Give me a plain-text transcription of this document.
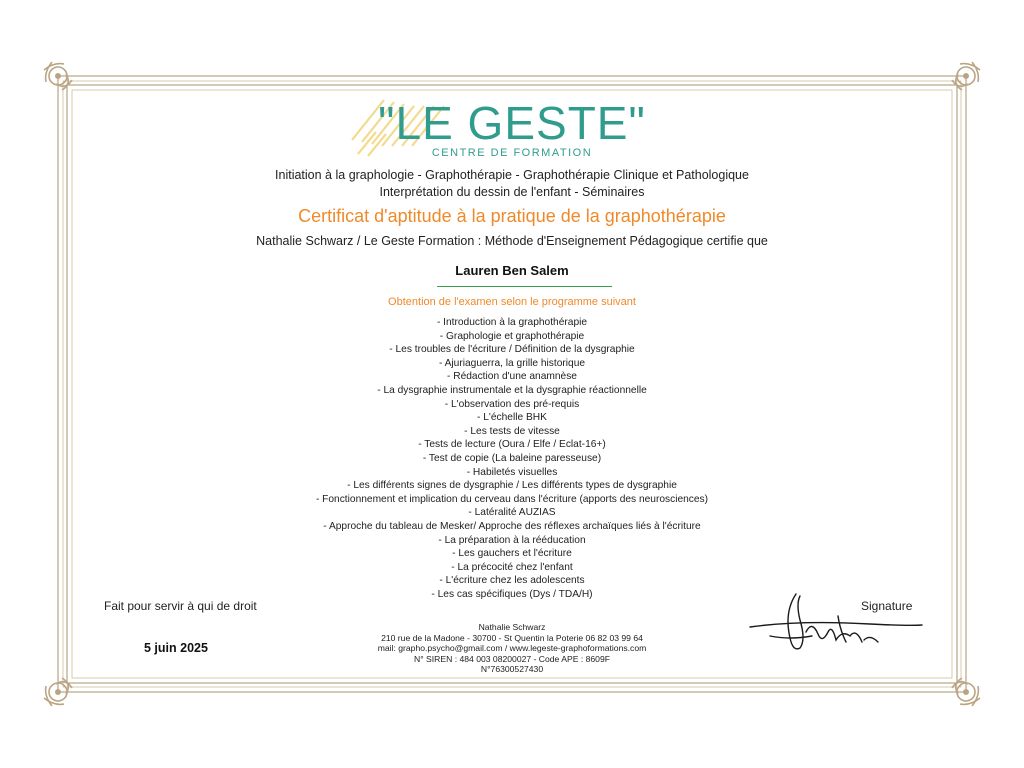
"LE GESTE"
CENTRE DE FORMATION
Initiation à la graphologie - Graphothérapie - Graphothérapie Clinique et Pathologique
Interprétation du dessin de l'enfant - Séminaires
Certificat d'aptitude à la pratique de la graphothérapie
Nathalie Schwarz / Le Geste Formation : Méthode d'Enseignement Pédagogique certifie que
Lauren Ben Salem
Obtention de l'examen selon le programme suivant
- Introduction à la graphothérapie
- Graphologie et graphothérapie
- Les troubles de l'écriture / Définition de la dysgraphie
- Ajuriaguerra, la grille historique
- Rédaction d'une anamnèse
- La dysgraphie instrumentale et la dysgraphie réactionnelle
- L'observation des pré-requis
- L'échelle BHK
- Les tests de vitesse
- Tests de lecture (Oura / Elfe / Eclat-16+)
- Test de copie (La baleine paresseuse)
- Habiletés visuelles
- Les différents signes de dysgraphie / Les différents types de dysgraphie
- Fonctionnement et implication du cerveau dans l'écriture (apports des neurosciences)
- Latéralité AUZIAS
- Approche du tableau de Mesker/ Approche des réflexes archaïques liés à l'écriture
- La préparation à la rééducation
- Les gauchers et l'écriture
- La précocité chez l'enfant
- L'écriture chez les adolescents
- Les cas spécifiques (Dys / TDA/H)
Fait pour servir à qui de droit	Signature
5 juin 2025
Nathalie Schwarz
210 rue de la Madone - 30700 - St Quentin la Poterie 06 82 03 99 64
mail: grapho.psycho@gmail.com / www.legeste-graphoformations.com
N° SIREN : 484 003 08200027 - Code APE : 8609F
N°76300527430
